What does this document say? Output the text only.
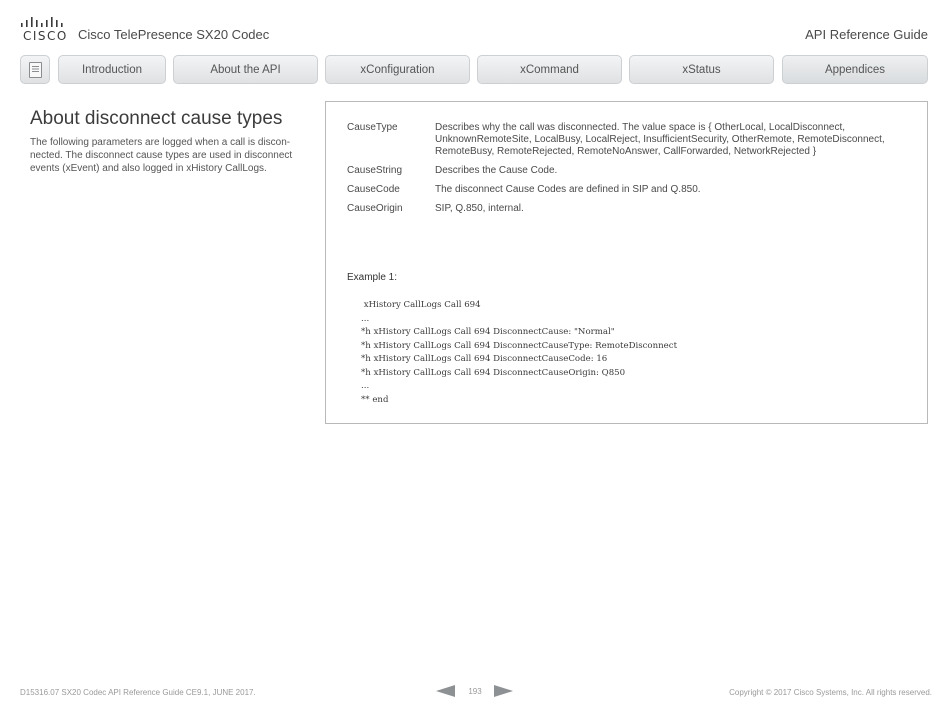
CISCO Cisco TelePresence SX20 Codec	API Reference Guide
Introduction	About the API	xConfiguration	xCommand	xStatus	Appendices
About disconnect cause types
The following parameters are logged when a call is discon-nected. The disconnect cause types are used in disconnect events (xEvent) and also logged in xHistory CallLogs.
CauseType	Describes why the call was disconnected. The value space is { OtherLocal, LocalDisconnect, UnknownRemoteSite, LocalBusy, LocalReject, InsufficientSecurity, OtherRemote, RemoteDisconnect, RemoteBusy, RemoteRejected, RemoteNoAnswer, CallForwarded, NetworkRejected }
CauseString	Describes the Cause Code.
CauseCode	The disconnect Cause Codes are defined in SIP and Q.850.
CauseOrigin	SIP, Q.850, internal.
Example 1:
xHistory CallLogs Call 694
...
*h xHistory CallLogs Call 694 DisconnectCause: "Normal"
*h xHistory CallLogs Call 694 DisconnectCauseType: RemoteDisconnect
*h xHistory CallLogs Call 694 DisconnectCauseCode: 16
*h xHistory CallLogs Call 694 DisconnectCauseOrigin: Q850
...
** end
D15316.07 SX20 Codec API Reference Guide CE9.1, JUNE 2017.	193	Copyright © 2017 Cisco Systems, Inc. All rights reserved.
